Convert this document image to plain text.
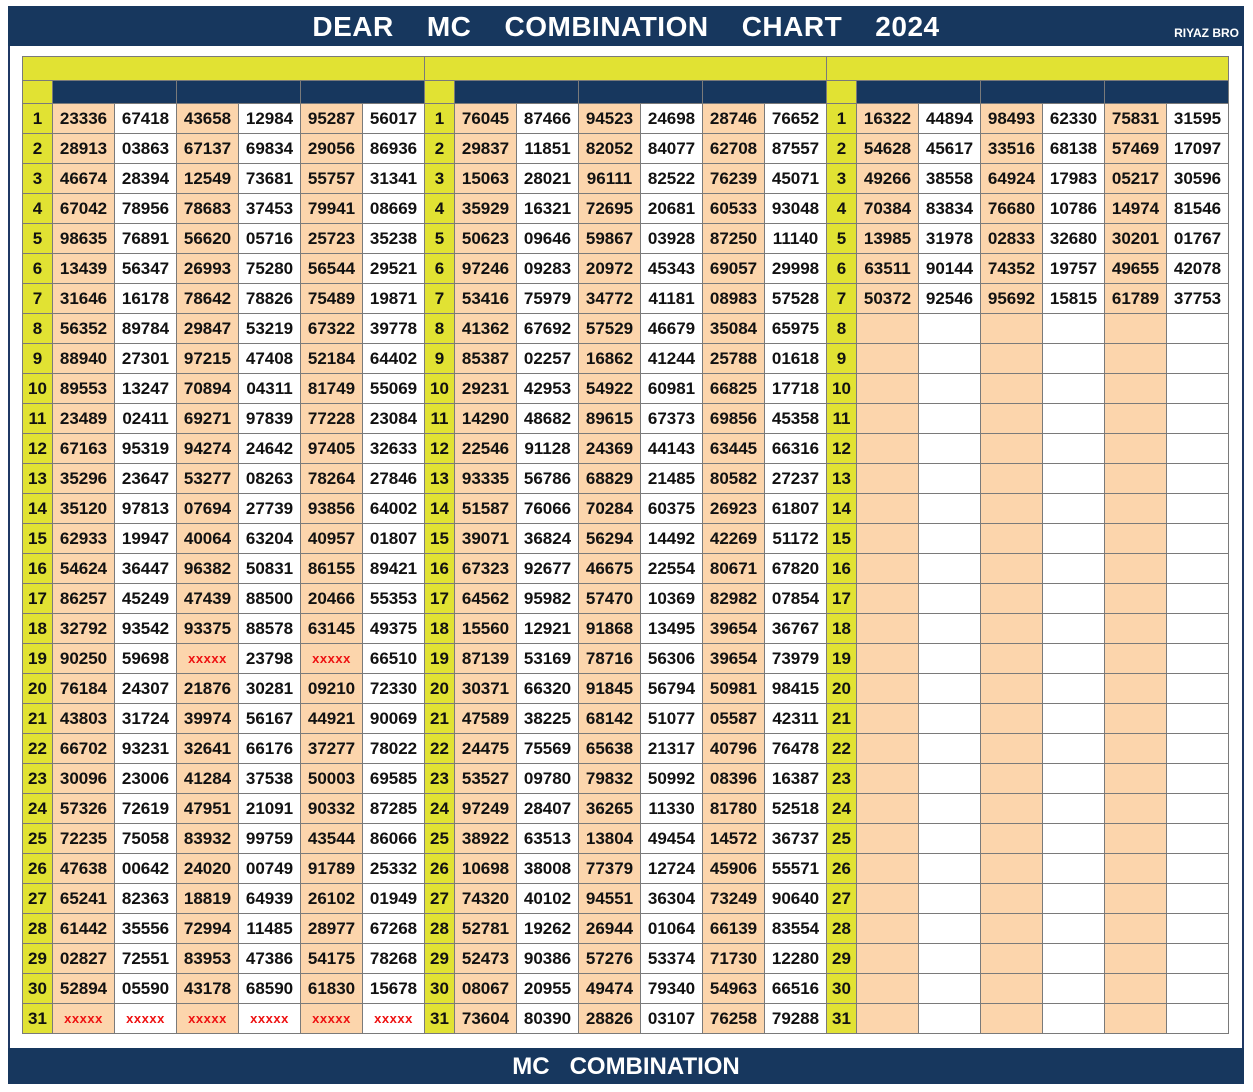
DEAR    MC    COMBINATION    CHART    2024	RIYAZ BRO

1	23336	67418	43658	12984	95287	56017	1	76045	87466	94523	24698	28746	76652	1	16322	44894	98493	62330	75831	31595
2	28913	03863	67137	69834	29056	86936	2	29837	11851	82052	84077	62708	87557	2	54628	45617	33516	68138	57469	17097
3	46674	28394	12549	73681	55757	31341	3	15063	28021	96111	82522	76239	45071	3	49266	38558	64924	17983	05217	30596
4	67042	78956	78683	37453	79941	08669	4	35929	16321	72695	20681	60533	93048	4	70384	83834	76680	10786	14974	81546
5	98635	76891	56620	05716	25723	35238	5	50623	09646	59867	03928	87250	11140	5	13985	31978	02833	32680	30201	01767
6	13439	56347	26993	75280	56544	29521	6	97246	09283	20972	45343	69057	29998	6	63511	90144	74352	19757	49655	42078
7	31646	16178	78642	78826	75489	19871	7	53416	75979	34772	41181	08983	57528	7	50372	92546	95692	15815	61789	37753
8	56352	89784	29847	53219	67322	39778	8	41362	67692	57529	46679	35084	65975	8						
9	88940	27301	97215	47408	52184	64402	9	85387	02257	16862	41244	25788	01618	9						
10	89553	13247	70894	04311	81749	55069	10	29231	42953	54922	60981	66825	17718	10						
11	23489	02411	69271	97839	77228	23084	11	14290	48682	89615	67373	69856	45358	11						
12	67163	95319	94274	24642	97405	32633	12	22546	91128	24369	44143	63445	66316	12						
13	35296	23647	53277	08263	78264	27846	13	93335	56786	68829	21485	80582	27237	13						
14	35120	97813	07694	27739	93856	64002	14	51587	76066	70284	60375	26923	61807	14						
15	62933	19947	40064	63204	40957	01807	15	39071	36824	56294	14492	42269	51172	15						
16	54624	36447	96382	50831	86155	89421	16	67323	92677	46675	22554	80671	67820	16						
17	86257	45249	47439	88500	20466	55353	17	64562	95982	57470	10369	82982	07854	17						
18	32792	93542	93375	88578	63145	49375	18	15560	12921	91868	13495	39654	36767	18						
19	90250	59698	xxxxx	23798	xxxxx	66510	19	87139	53169	78716	56306	39654	73979	19						
20	76184	24307	21876	30281	09210	72330	20	30371	66320	91845	56794	50981	98415	20						
21	43803	31724	39974	56167	44921	90069	21	47589	38225	68142	51077	05587	42311	21						
22	66702	93231	32641	66176	37277	78022	22	24475	75569	65638	21317	40796	76478	22						
23	30096	23006	41284	37538	50003	69585	23	53527	09780	79832	50992	08396	16387	23						
24	57326	72619	47951	21091	90332	87285	24	97249	28407	36265	11330	81780	52518	24						
25	72235	75058	83932	99759	43544	86066	25	38922	63513	13804	49454	14572	36737	25						
26	47638	00642	24020	00749	91789	25332	26	10698	38008	77379	12724	45906	55571	26						
27	65241	82363	18819	64939	26102	01949	27	74320	40102	94551	36304	73249	90640	27						
28	61442	35556	72994	11485	28977	67268	28	52781	19262	26944	01064	66139	83554	28						
29	02827	72551	83953	47386	54175	78268	29	52473	90386	57276	53374	71730	12280	29						
30	52894	05590	43178	68590	61830	15678	30	08067	20955	49474	79340	54963	66516	30						
31	xxxxx	xxxxx	xxxxx	xxxxx	xxxxx	xxxxx	31	73604	80390	28826	03107	76258	79288	31						
MC   COMBINATION
